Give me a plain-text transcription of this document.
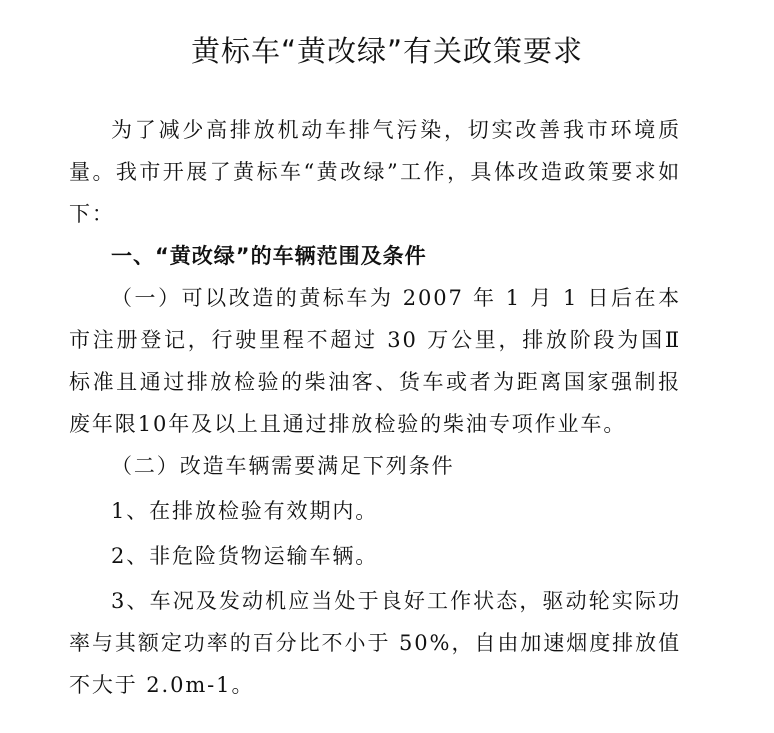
黄标车“黄改绿”有关政策要求

为了减少高排放机动车排气污染，切实改善我市环境质量。我市开展了黄标车“黄改绿”工作，具体改造政策要求如下：

一、“黄改绿”的车辆范围及条件

（一）可以改造的黄标车为 2007 年 1 月 1 日后在本市注册登记，行驶里程不超过 30 万公里，排放阶段为国Ⅱ标准且通过排放检验的柴油客、货车或者为距离国家强制报废年限10年及以上且通过排放检验的柴油专项作业车。

（二）改造车辆需要满足下列条件

1、在排放检验有效期内。

2、非危险货物运输车辆。

3、车况及发动机应当处于良好工作状态，驱动轮实际功率与其额定功率的百分比不小于 50%，自由加速烟度排放值不大于 2.0m-1。
